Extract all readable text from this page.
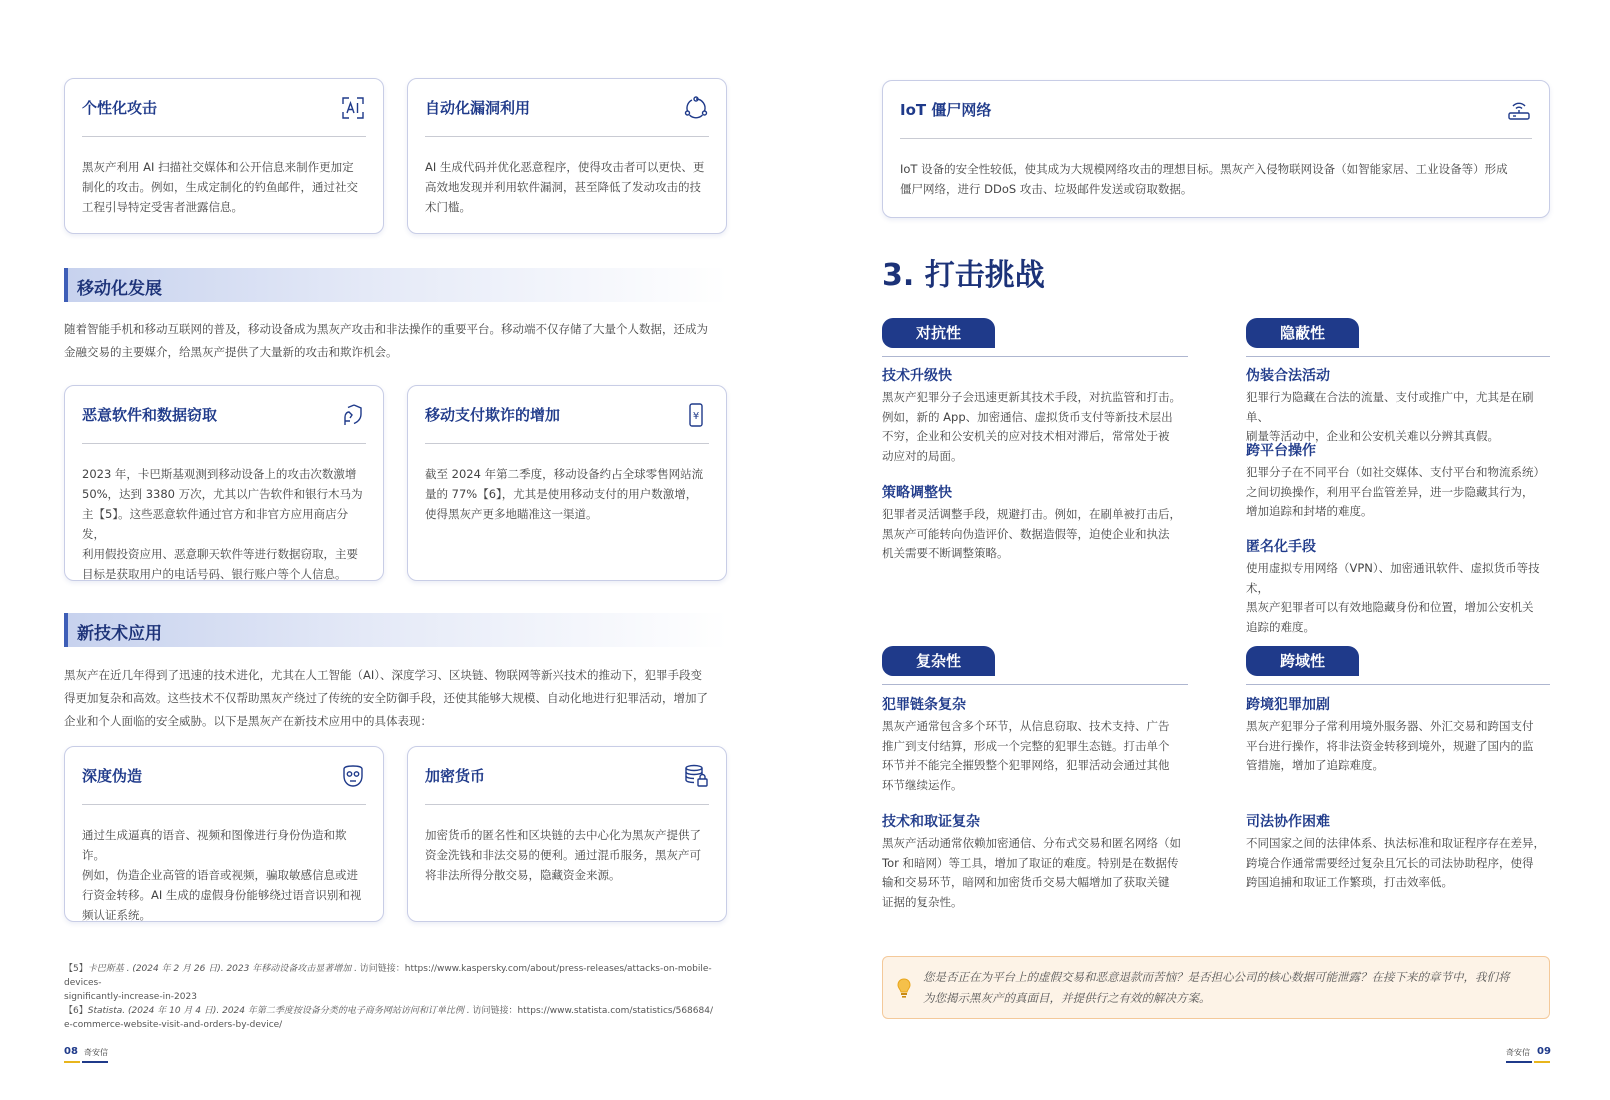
个性化攻击
黑灰产利用 AI 扫描社交媒体和公开信息来制作更加定
制化的攻击。例如，生成定制化的钓鱼邮件，通过社交
工程引导特定受害者泄露信息。
自动化漏洞利用
AI 生成代码并优化恶意程序，使得攻击者可以更快、更
高效地发现并利用软件漏洞，甚至降低了发动攻击的技
术门槛。
移动化发展
随着智能手机和移动互联网的普及，移动设备成为黑灰产攻击和非法操作的重要平台。移动端不仅存储了大量个人数据，还成为
金融交易的主要媒介，给黑灰产提供了大量新的攻击和欺诈机会。
恶意软件和数据窃取
2023 年，卡巴斯基观测到移动设备上的攻击次数激增
50%，达到 3380 万次，尤其以广告软件和银行木马为
主【5】。这些恶意软件通过官方和非官方应用商店分发，
利用假投资应用、恶意聊天软件等进行数据窃取，主要
目标是获取用户的电话号码、银行账户等个人信息。
移动支付欺诈的增加	¥
截至 2024 年第二季度，移动设备约占全球零售网站流
量的 77%【6】，尤其是使用移动支付的用户数激增，
使得黑灰产更多地瞄准这一渠道。
新技术应用
黑灰产在近几年得到了迅速的技术进化，尤其在人工智能（AI）、深度学习、区块链、物联网等新兴技术的推动下，犯罪手段变
得更加复杂和高效。这些技术不仅帮助黑灰产绕过了传统的安全防御手段，还使其能够大规模、自动化地进行犯罪活动，增加了
企业和个人面临的安全威胁。以下是黑灰产在新技术应用中的具体表现：
深度伪造
通过生成逼真的语音、视频和图像进行身份伪造和欺诈。
例如，伪造企业高管的语音或视频，骗取敏感信息或进
行资金转移。AI 生成的虚假身份能够绕过语音识别和视
频认证系统。
加密货币
加密货币的匿名性和区块链的去中心化为黑灰产提供了
资金洗钱和非法交易的便利。通过混币服务，黑灰产可
将非法所得分散交易，隐藏资金来源。
【5】卡巴斯基 . (2024 年 2 月 26 日). 2023 年移动设备攻击显著增加 . 访问链接：https://www.kaspersky.com/about/press-releases/attacks-on-mobile-devices-
significantly-increase-in-2023
【6】Statista. (2024 年 10 月 4 日). 2024 年第二季度按设备分类的电子商务网站访问和订单比例 . 访问链接：https://www.statista.com/statistics/568684/
e-commerce-website-visit-and-orders-by-device/
08 奇安信
IoT 僵尸网络
IoT 设备的安全性较低，使其成为大规模网络攻击的理想目标。黑灰产入侵物联网设备（如智能家居、工业设备等）形成
僵尸网络，进行 DDoS 攻击、垃圾邮件发送或窃取数据。
3. 打击挑战
对抗性
技术升级快
黑灰产犯罪分子会迅速更新其技术手段，对抗监管和打击。
例如，新的 App、加密通信、虚拟货币支付等新技术层出
不穷，企业和公安机关的应对技术相对滞后，常常处于被
动应对的局面。
策略调整快
犯罪者灵活调整手段，规避打击。例如，在刷单被打击后，
黑灰产可能转向伪造评价、数据造假等，迫使企业和执法
机关需要不断调整策略。
隐蔽性
伪装合法活动
犯罪行为隐藏在合法的流量、支付或推广中，尤其是在刷单、
刷量等活动中，企业和公安机关难以分辨其真假。
跨平台操作
犯罪分子在不同平台（如社交媒体、支付平台和物流系统）
之间切换操作，利用平台监管差异，进一步隐藏其行为，
增加追踪和封堵的难度。
匿名化手段
使用虚拟专用网络（VPN）、加密通讯软件、虚拟货币等技术，
黑灰产犯罪者可以有效地隐藏身份和位置，增加公安机关
追踪的难度。
复杂性
犯罪链条复杂
黑灰产通常包含多个环节，从信息窃取、技术支持、广告
推广到支付结算，形成一个完整的犯罪生态链。打击单个
环节并不能完全摧毁整个犯罪网络，犯罪活动会通过其他
环节继续运作。
技术和取证复杂
黑灰产活动通常依赖加密通信、分布式交易和匿名网络（如
Tor 和暗网）等工具，增加了取证的难度。特别是在数据传
输和交易环节，暗网和加密货币交易大幅增加了获取关键
证据的复杂性。
跨域性
跨境犯罪加剧
黑灰产犯罪分子常利用境外服务器、外汇交易和跨国支付
平台进行操作，将非法资金转移到境外，规避了国内的监
管措施，增加了追踪难度。
司法协作困难
不同国家之间的法律体系、执法标准和取证程序存在差异，
跨境合作通常需要经过复杂且冗长的司法协助程序，使得
跨国追捕和取证工作繁琐，打击效率低。
您是否正在为平台上的虚假交易和恶意退款而苦恼？是否担心公司的核心数据可能泄露？在接下来的章节中，我们将
为您揭示黑灰产的真面目，并提供行之有效的解决方案。
奇安信 09
